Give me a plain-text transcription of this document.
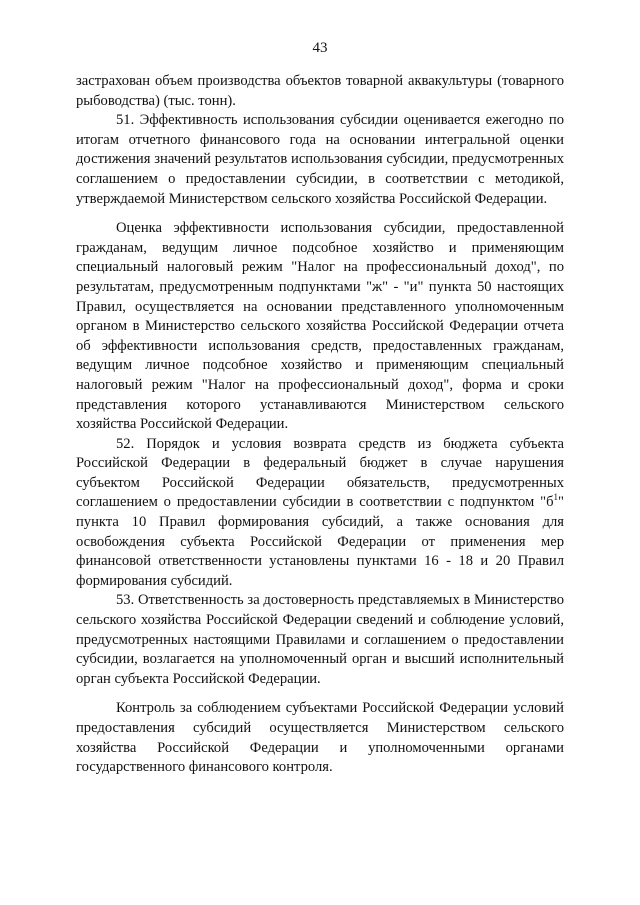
43

застрахован объем производства объектов товарной аквакультуры (товарного рыбоводства) (тыс. тонн).

51. Эффективность использования субсидии оценивается ежегодно по итогам отчетного финансового года на основании интегральной оценки достижения значений результатов использования субсидии, предусмотренных соглашением о предоставлении субсидии, в соответствии с методикой, утверждаемой Министерством сельского хозяйства Российской Федерации.

Оценка эффективности использования субсидии, предоставленной гражданам, ведущим личное подсобное хозяйство и применяющим специальный налоговый режим "Налог на профессиональный доход", по результатам, предусмотренным подпунктами "ж" - "и" пункта 50 настоящих Правил, осуществляется на основании представленного уполномоченным органом в Министерство сельского хозяйства Российской Федерации отчета об эффективности использования средств, предоставленных гражданам, ведущим личное подсобное хозяйство и применяющим специальный налоговый режим "Налог на профессиональный доход", форма и сроки представления которого устанавливаются Министерством сельского хозяйства Российской Федерации.

52. Порядок и условия возврата средств из бюджета субъекта Российской Федерации в федеральный бюджет в случае нарушения субъектом Российской Федерации обязательств, предусмотренных соглашением о предоставлении субсидии в соответствии с подпунктом "$б^1$" пункта 10 Правил формирования субсидий, а также основания для освобождения субъекта Российской Федерации от применения мер финансовой ответственности установлены пунктами 16 - 18 и 20 Правил формирования субсидий.

53. Ответственность за достоверность представляемых в Министерство сельского хозяйства Российской Федерации сведений и соблюдение условий, предусмотренных настоящими Правилами и соглашением о предоставлении субсидии, возлагается на уполномоченный орган и высший исполнительный орган субъекта Российской Федерации.

Контроль за соблюдением субъектами Российской Федерации условий предоставления субсидий осуществляется Министерством сельского хозяйства Российской Федерации и уполномоченными органами государственного финансового контроля.
